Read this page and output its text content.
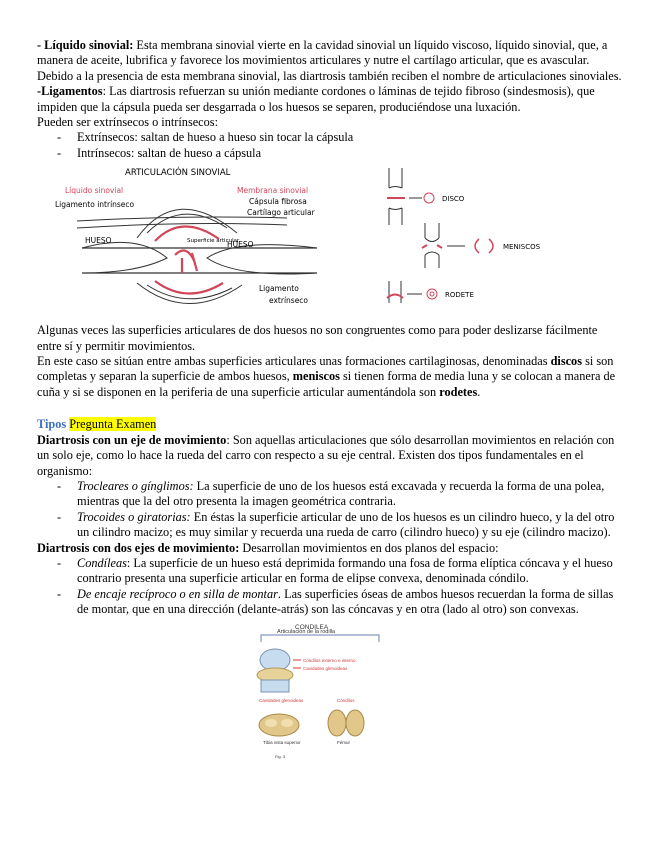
- Líquido sinovial: Esta membrana sinovial vierte en la cavidad sinovial un líquido viscoso, líquido sinovial, que, a manera de aceite, lubrifica y favorece los movimientos articulares y nutre el cartílago articular, que es avascular.

Debido a la presencia de esta membrana sinovial, las diartrosis también reciben el nombre de articulaciones sinoviales.

-Ligamentos: Las diartrosis refuerzan su unión mediante cordones o láminas de tejido fibroso (sindesmosis), que impiden que la cápsula pueda ser desgarrada o los huesos se separen, produciéndose una luxación.

Pueden ser extrínsecos o intrínsecos:

- Extrínsecos: saltan de hueso a hueso sin tocar la cápsula
- Intrínsecos: saltan de hueso a cápsula
ARTICULACIÓN SINOVIAL
Líquido sinovial
Ligamento intrínseco
Membrana sinovial
Cápsula fibrosa
Cartílago articular
HUESO	Superficie articular
HUESO
Ligamento
extrínseco
DISCO
MENISCOS
RODETE

Algunas veces las superficies articulares de dos huesos no son congruentes como para poder deslizarse fácilmente entre sí y permitir movimientos.

En este caso se sitúan entre ambas superficies articulares unas formaciones cartilaginosas, denominadas discos si son completas y separan la superficie de ambos huesos, meniscos si tienen forma de media luna y se colocan a manera de cuña y si se disponen en la periferia de una superficie articular aumentándola son rodetes.

Tipos Pregunta Examen

Diartrosis con un eje de movimiento: Son aquellas articulaciones que sólo desarrollan movimientos en relación con un solo eje, como lo hace la rueda del carro con respecto a su eje central. Existen dos tipos fundamentales en el organismo:

- Trocleares o gínglimos: La superficie de uno de los huesos está excavada y recuerda la forma de una polea, mientras que la del otro presenta la imagen geométrica contraria.
- Trocoides o giratorias: En éstas la superficie articular de uno de los huesos es un cilindro hueco, y la del otro un cilindro macizo; es muy similar y recuerda una rueda de carro (cilindro hueco) y su eje (cilindro macizo).

Diartrosis con dos ejes de movimiento: Desarrollan movimientos en dos planos del espacio:

- Condíleas: La superficie de un hueso está deprimida formando una fosa de forma elíptica cóncava y el hueso contrario presenta una superficie articular en forma de elipse convexa, denominada cóndilo.
- De encaje recíproco o en silla de montar. Las superficies óseas de ambos huesos recuerdan la forma de sillas de montar, que en una dirección (delante-atrás) son las cóncavas y en otra (lado al otro) son convexas.
CONDILEA
Articulación de la rodilla
Cóndilos externo e interno
Cavidades glenoideas
Cavidades glenoideas	Cóndilos
Tibia vista superior	Fémur
Fig. 3
